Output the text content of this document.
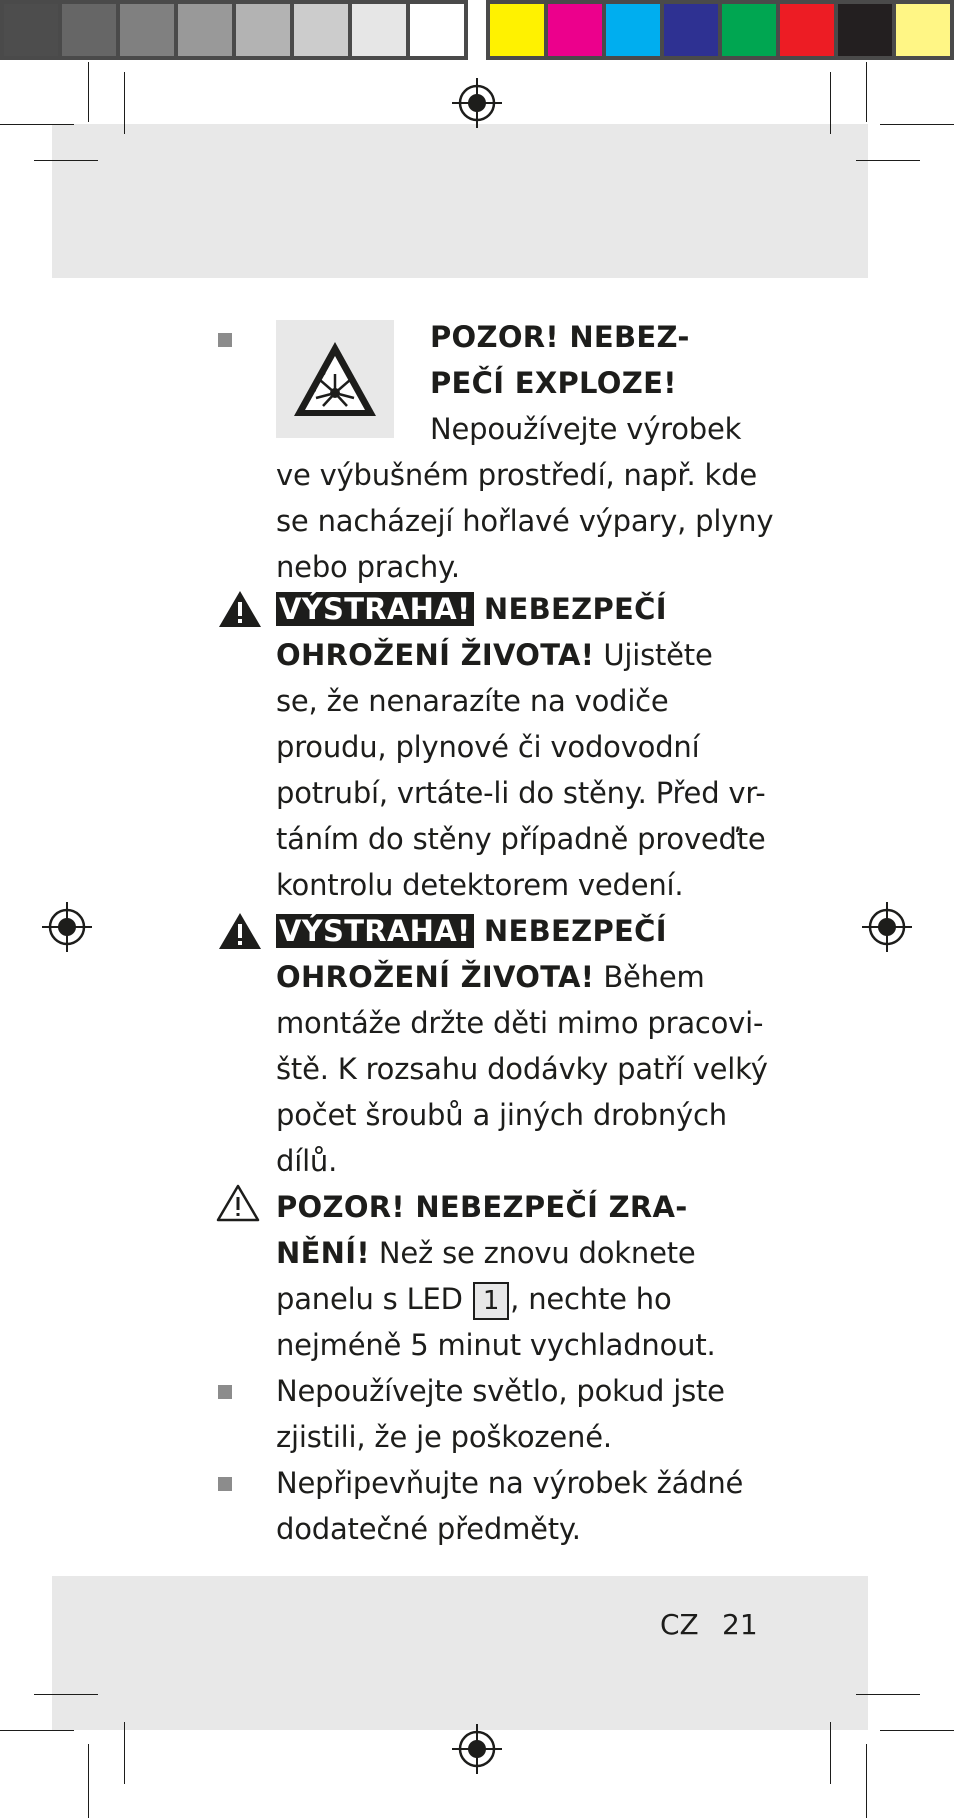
POZOR! NEBEZ-
PEČÍ EXPLOZE!
Nepoužívejte výrobek
ve výbušném prostředí, např. kde
se nacházejí hořlavé výpary, plyny
nebo prachy.
VÝSTRAHA! NEBEZPEČÍ
OHROŽENÍ ŽIVOTA! Ujistěte
se, že nenarazíte na vodiče
proudu, plynové či vodovodní
potrubí, vrtáte-li do stěny. Před vr-
táním do stěny případně proveďte
kontrolu detektorem vedení.
VÝSTRAHA! NEBEZPEČÍ
OHROŽENÍ ŽIVOTA! Během
montáže držte děti mimo pracovi-
ště. K rozsahu dodávky patří velký
počet šroubů a jiných drobných
dílů.
POZOR! NEBEZPEČÍ ZRA-
NĚNÍ! Než se znovu doknete
panelu s LED 1 , nechte ho
nejméně 5 minut vychladnout.
Nepoužívejte světlo, pokud jste
zjistili, že je poškozené.
Nepřipevňujte na výrobek žádné
dodatečné předměty.
CZ 21
